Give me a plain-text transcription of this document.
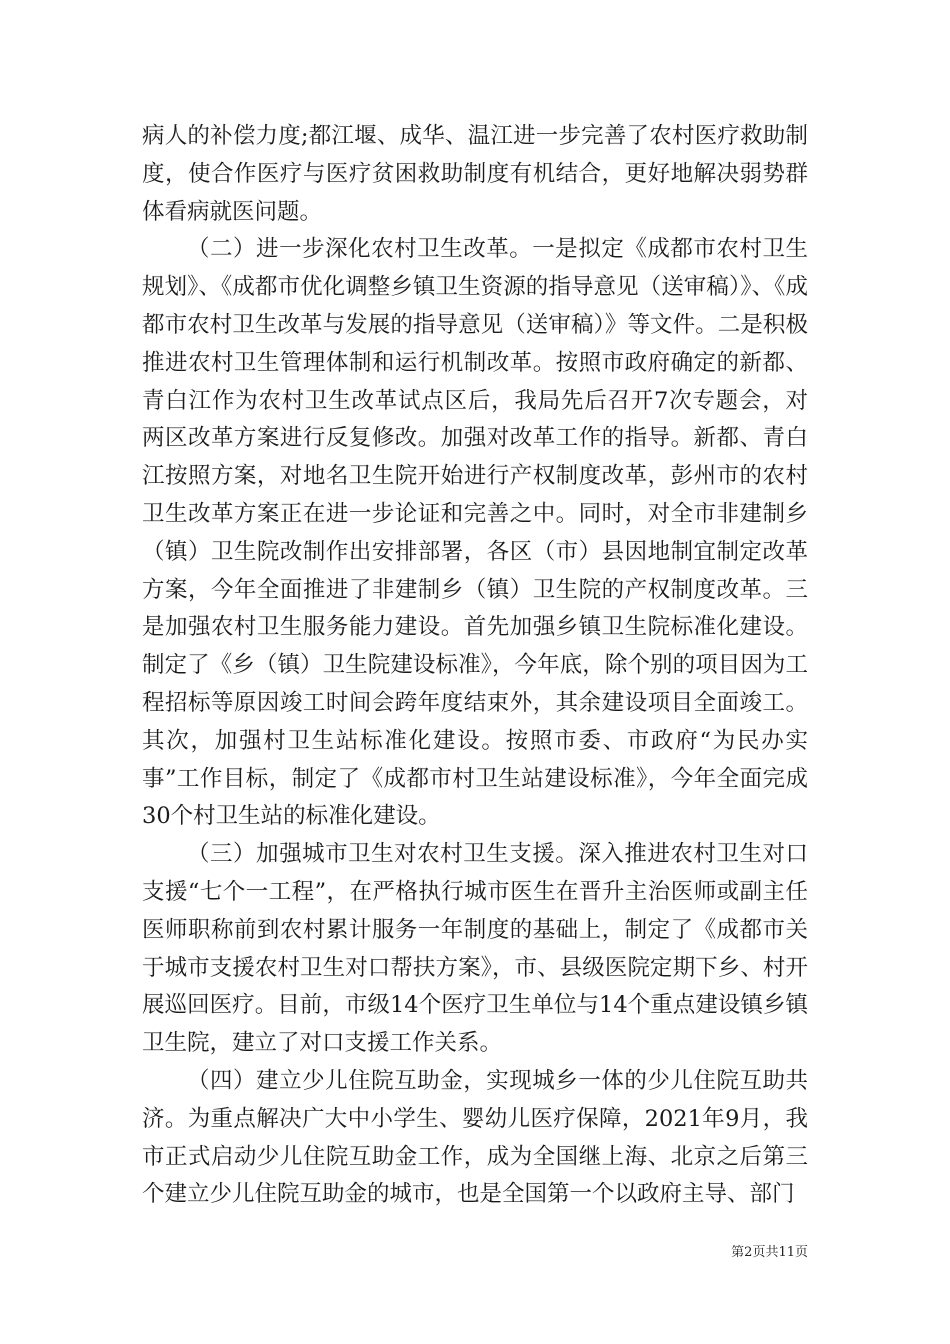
病人的补偿力度;都江堰、成华、温江进一步完善了农村医疗救助制度，使合作医疗与医疗贫困救助制度有机结合，更好地解决弱势群体看病就医问题。

（二）进一步深化农村卫生改革。一是拟定《成都市农村卫生规划》、《成都市优化调整乡镇卫生资源的指导意见（送审稿）》、《成都市农村卫生改革与发展的指导意见（送审稿）》等文件。二是积极推进农村卫生管理体制和运行机制改革。按照市政府确定的新都、青白江作为农村卫生改革试点区后，我局先后召开7次专题会，对两区改革方案进行反复修改。加强对改革工作的指导。新都、青白江按照方案，对地名卫生院开始进行产权制度改革，彭州市的农村卫生改革方案正在进一步论证和完善之中。同时，对全市非建制乡（镇）卫生院改制作出安排部署，各区（市）县因地制宜制定改革方案，今年全面推进了非建制乡（镇）卫生院的产权制度改革。三是加强农村卫生服务能力建设。首先加强乡镇卫生院标准化建设。制定了《乡（镇）卫生院建设标准》，今年底，除个别的项目因为工程招标等原因竣工时间会跨年度结束外，其余建设项目全面竣工。其次，加强村卫生站标准化建设。按照市委、市政府“为民办实事”工作目标，制定了《成都市村卫生站建设标准》，今年全面完成30个村卫生站的标准化建设。

（三）加强城市卫生对农村卫生支援。深入推进农村卫生对口支援“七个一工程”，在严格执行城市医生在晋升主治医师或副主任医师职称前到农村累计服务一年制度的基础上，制定了《成都市关于城市支援农村卫生对口帮扶方案》，市、县级医院定期下乡、村开展巡回医疗。目前，市级14个医疗卫生单位与14个重点建设镇乡镇卫生院，建立了对口支援工作关系。

（四）建立少儿住院互助金，实现城乡一体的少儿住院互助共济。为重点解决广大中小学生、婴幼儿医疗保障，2021年9月，我市正式启动少儿住院互助金工作，成为全国继上海、北京之后第三个建立少儿住院互助金的城市，也是全国第一个以政府主导、部门

第2页共11页
